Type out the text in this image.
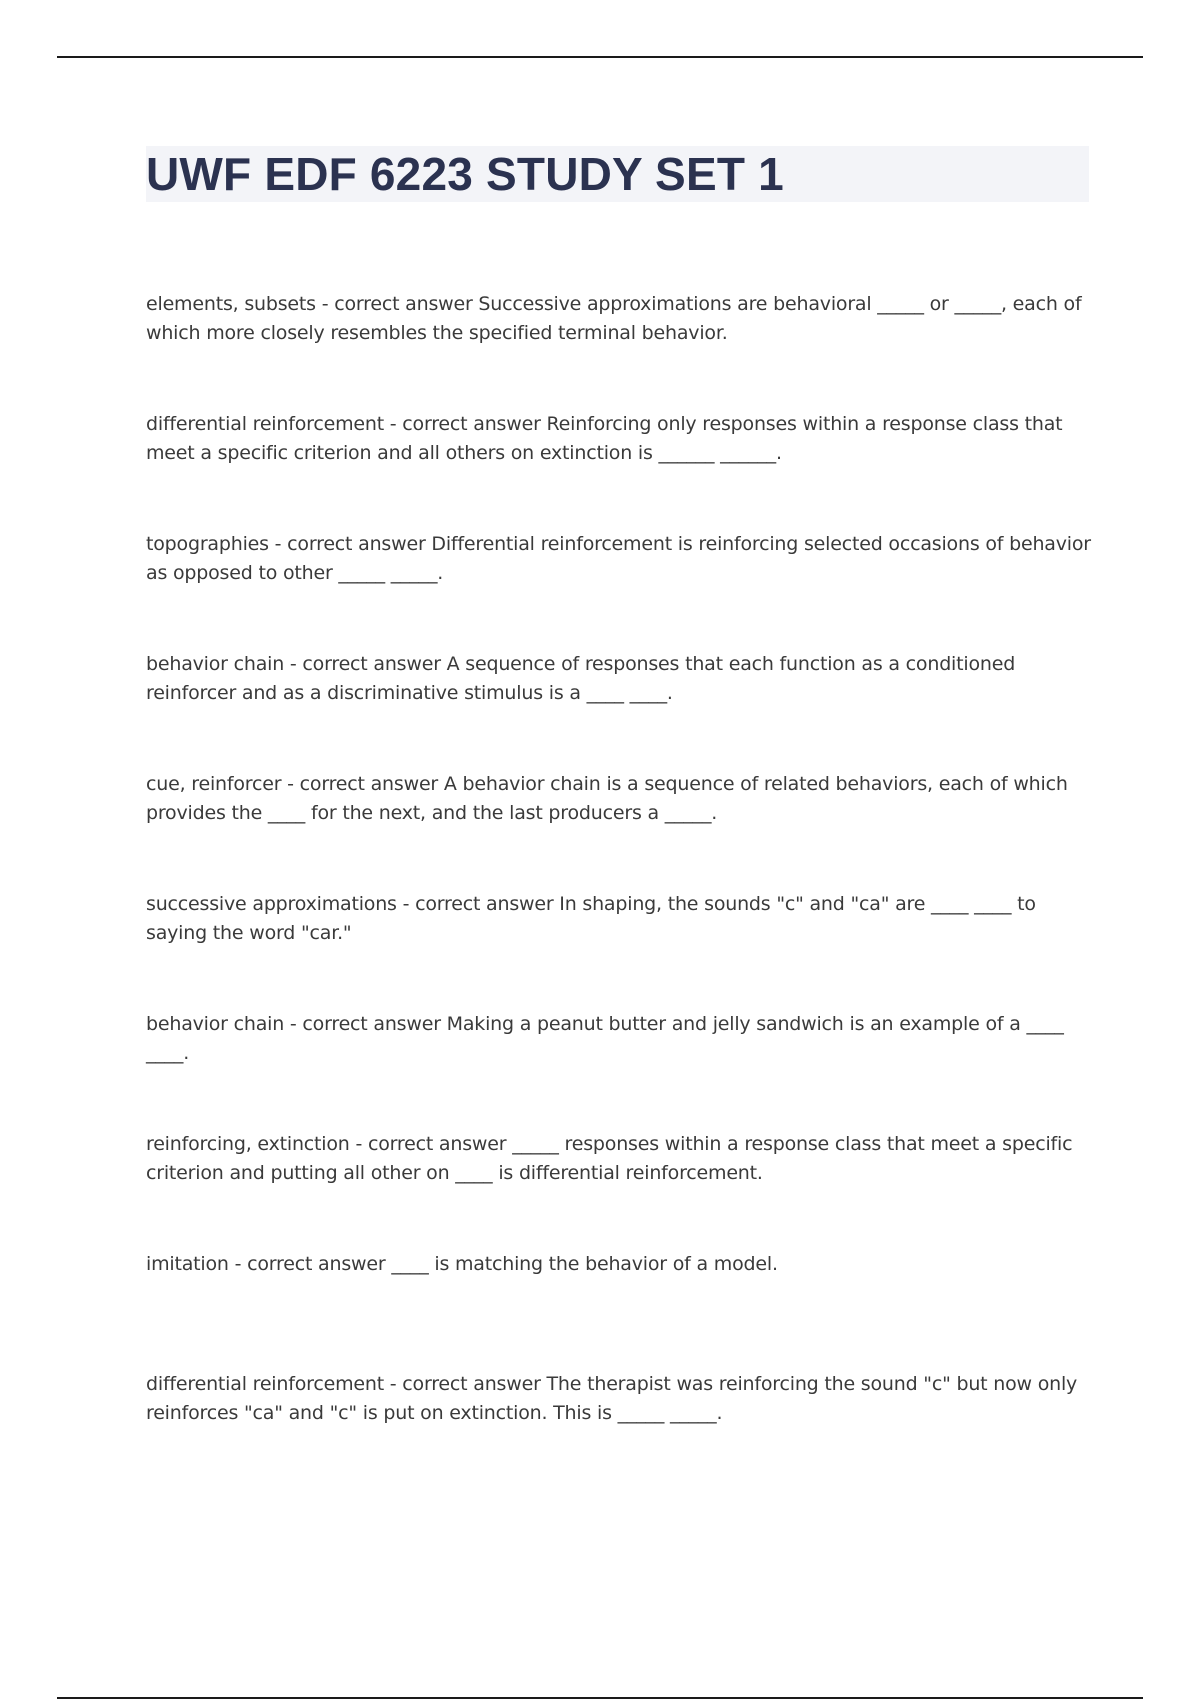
UWF EDF 6223 STUDY SET 1
elements, subsets - correct answer Successive approximations are behavioral _____ or _____, each of which more closely resembles the specified terminal behavior.
differential reinforcement - correct answer Reinforcing only responses within a response class that meet a specific criterion and all others on extinction is ______ ______.
topographies - correct answer Differential reinforcement is reinforcing selected occasions of behavior as opposed to other _____ _____.
behavior chain - correct answer A sequence of responses that each function as a conditioned reinforcer and as a discriminative stimulus is a ____ ____.
cue, reinforcer - correct answer A behavior chain is a sequence of related behaviors, each of which provides the ____ for the next, and the last producers a _____.
successive approximations - correct answer In shaping, the sounds "c" and "ca" are ____ ____ to saying the word "car."
behavior chain - correct answer Making a peanut butter and jelly sandwich is an example of a ____ ____.
reinforcing, extinction - correct answer _____ responses within a response class that meet a specific criterion and putting all other on ____ is differential reinforcement.
imitation - correct answer ____ is matching the behavior of a model.
differential reinforcement - correct answer The therapist was reinforcing the sound "c" but now only reinforces "ca" and "c" is put on extinction. This is _____ _____.
